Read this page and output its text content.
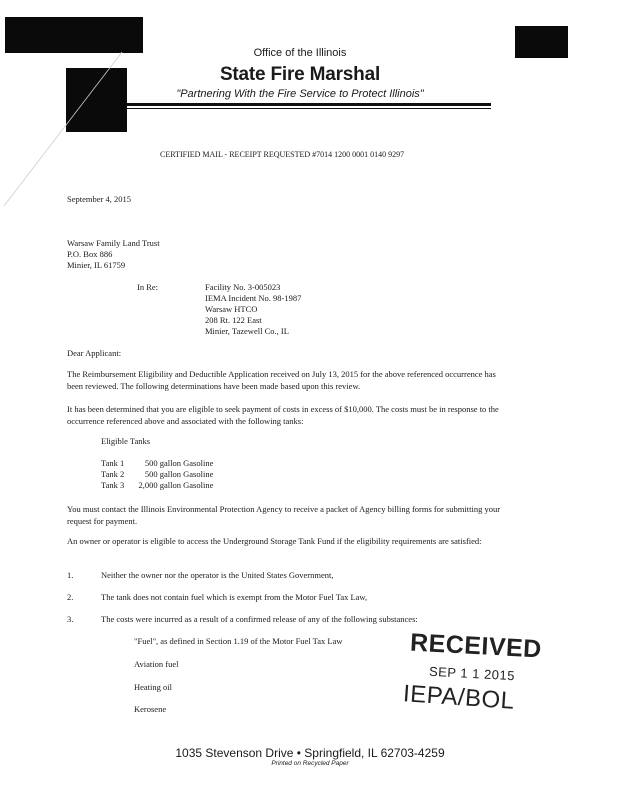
Office of the Illinois
State Fire Marshal
"Partnering With the Fire Service to Protect Illinois"
CERTIFIED MAIL - RECEIPT REQUESTED #7014 1200 0001 0140 9297
September 4, 2015
Warsaw Family Land Trust
P.O. Box 886
Minier, IL 61759
In Re:	Facility No. 3-005023
IEMA Incident No. 98-1987
Warsaw HTCO
208 Rt. 122 East
Minier, Tazewell Co., IL
Dear Applicant:
The Reimbursement Eligibility and Deductible Application received on July 13, 2015 for the above referenced occurrence has been reviewed. The following determinations have been made based upon this review.
It has been determined that you are eligible to seek payment of costs in excess of $10,000. The costs must be in response to the occurrence referenced above and associated with the following tanks:
Eligible Tanks
Tank 1 500 gallon Gasoline
Tank 2 500 gallon Gasoline
Tank 3 2,000 gallon Gasoline
You must contact the Illinois Environmental Protection Agency to receive a packet of Agency billing forms for submitting your request for payment.
An owner or operator is eligible to access the Underground Storage Tank Fund if the eligibility requirements are satisfied:
1.	Neither the owner nor the operator is the United States Government,
2.	The tank does not contain fuel which is exempt from the Motor Fuel Tax Law,
3.	The costs were incurred as a result of a confirmed release of any of the following substances:
"Fuel", as defined in Section 1.19 of the Motor Fuel Tax Law
Aviation fuel
Heating oil
Kerosene
RECEIVED
SEP 1 1 2015
IEPA/BOL
1035 Stevenson Drive • Springfield, IL 62703-4259
Printed on Recycled Paper
